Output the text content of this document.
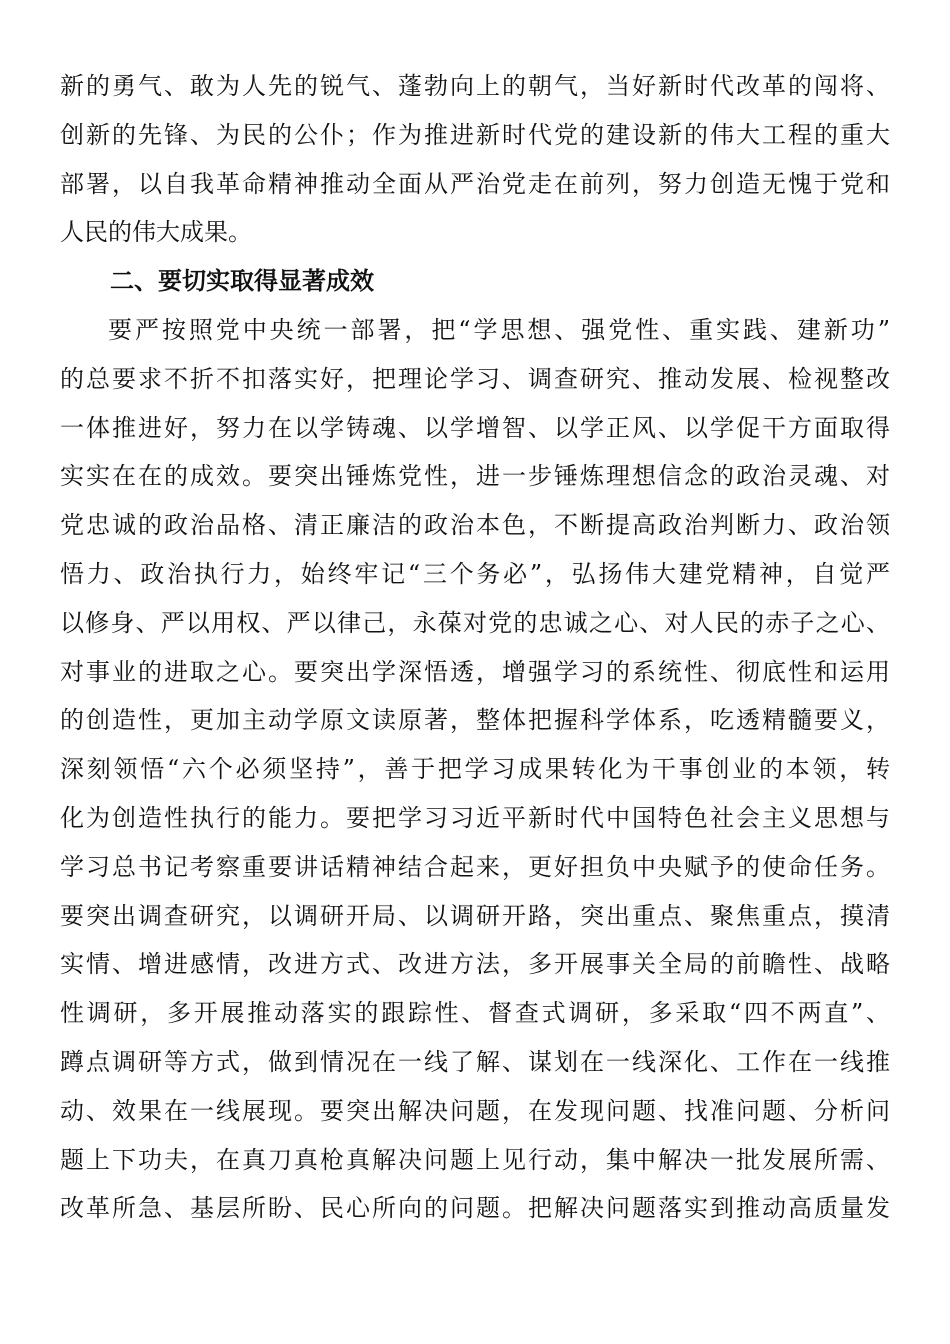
新的勇气、敢为人先的锐气、蓬勃向上的朝气，当好新时代改革的闯将、
创新的先锋、为民的公仆；作为推进新时代党的建设新的伟大工程的重大
部署，以自我革命精神推动全面从严治党走在前列，努力创造无愧于党和
人民的伟大成果。
二、要切实取得显著成效
要严按照党中央统一部署，把“学思想、强党性、重实践、建新功”
的总要求不折不扣落实好，把理论学习、调查研究、推动发展、检视整改
一体推进好，努力在以学铸魂、以学增智、以学正风、以学促干方面取得
实实在在的成效。要突出锤炼党性，进一步锤炼理想信念的政治灵魂、对
党忠诚的政治品格、清正廉洁的政治本色，不断提高政治判断力、政治领
悟力、政治执行力，始终牢记“三个务必”，弘扬伟大建党精神，自觉严
以修身、严以用权、严以律己，永葆对党的忠诚之心、对人民的赤子之心、
对事业的进取之心。要突出学深悟透，增强学习的系统性、彻底性和运用
的创造性，更加主动学原文读原著，整体把握科学体系，吃透精髓要义，
深刻领悟“六个必须坚持”，善于把学习成果转化为干事创业的本领，转
化为创造性执行的能力。要把学习习近平新时代中国特色社会主义思想与
学习总书记考察重要讲话精神结合起来，更好担负中央赋予的使命任务。
要突出调查研究，以调研开局、以调研开路，突出重点、聚焦重点，摸清
实情、增进感情，改进方式、改进方法，多开展事关全局的前瞻性、战略
性调研，多开展推动落实的跟踪性、督查式调研，多采取“四不两直”、
蹲点调研等方式，做到情况在一线了解、谋划在一线深化、工作在一线推
动、效果在一线展现。要突出解决问题，在发现问题、找准问题、分析问
题上下功夫，在真刀真枪真解决问题上见行动，集中解决一批发展所需、
改革所急、基层所盼、民心所向的问题。把解决问题落实到推动高质量发
